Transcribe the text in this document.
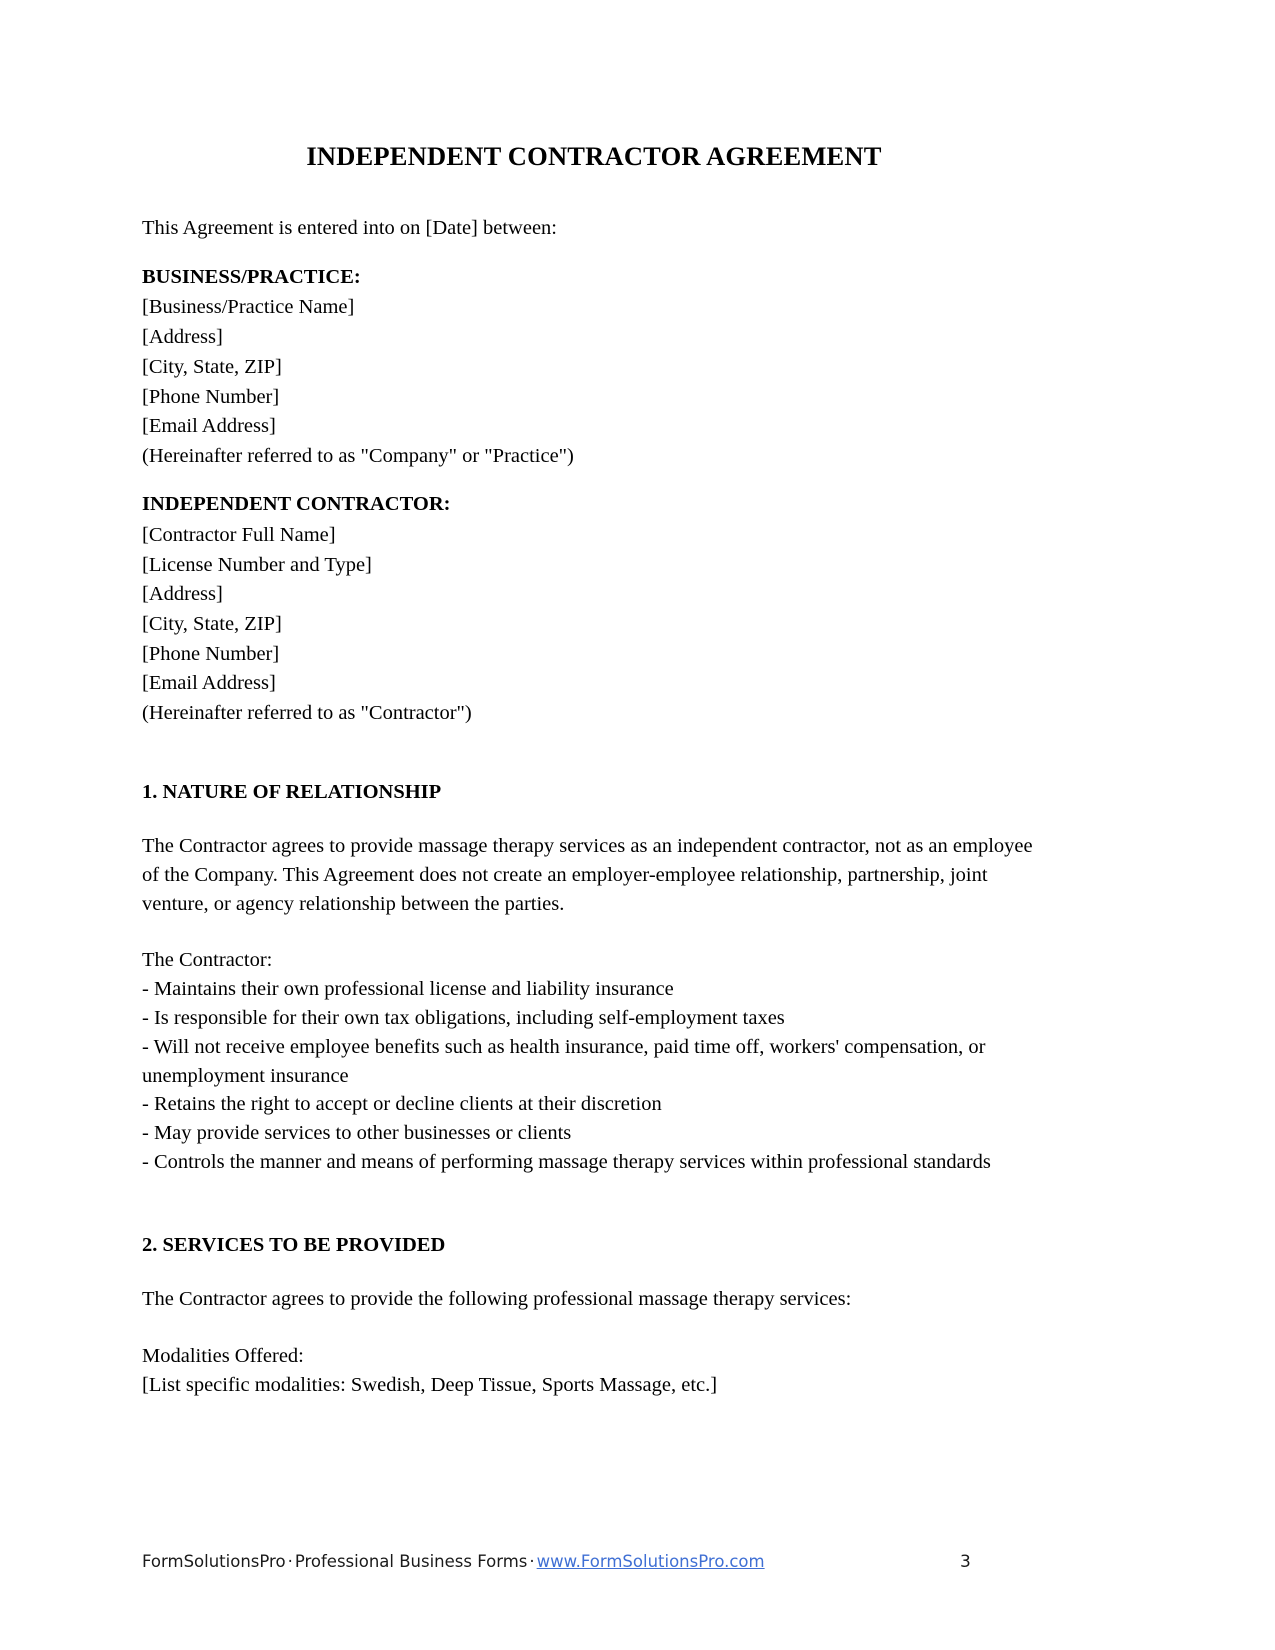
INDEPENDENT CONTRACTOR AGREEMENT

This Agreement is entered into on [Date] between:

BUSINESS/PRACTICE:
[Business/Practice Name]
[Address]
[City, State, ZIP]
[Phone Number]
[Email Address]
(Hereinafter referred to as "Company" or "Practice")
INDEPENDENT CONTRACTOR:
[Contractor Full Name]
[License Number and Type]
[Address]
[City, State, ZIP]
[Phone Number]
[Email Address]
(Hereinafter referred to as "Contractor")
1. NATURE OF RELATIONSHIP

The Contractor agrees to provide massage therapy services as an independent contractor, not as an employee of the Company. This Agreement does not create an employer-employee relationship, partnership, joint venture, or agency relationship between the parties.

The Contractor:
- Maintains their own professional license and liability insurance
- Is responsible for their own tax obligations, including self-employment taxes
- Will not receive employee benefits such as health insurance, paid time off, workers' compensation, or unemployment insurance
- Retains the right to accept or decline clients at their discretion
- May provide services to other businesses or clients
- Controls the manner and means of performing massage therapy services within professional standards
2. SERVICES TO BE PROVIDED

The Contractor agrees to provide the following professional massage therapy services:

Modalities Offered:
[List specific modalities: Swedish, Deep Tissue, Sports Massage, etc.]
FormSolutionsPro · Professional Business Forms · www.FormSolutionsPro.com	3
